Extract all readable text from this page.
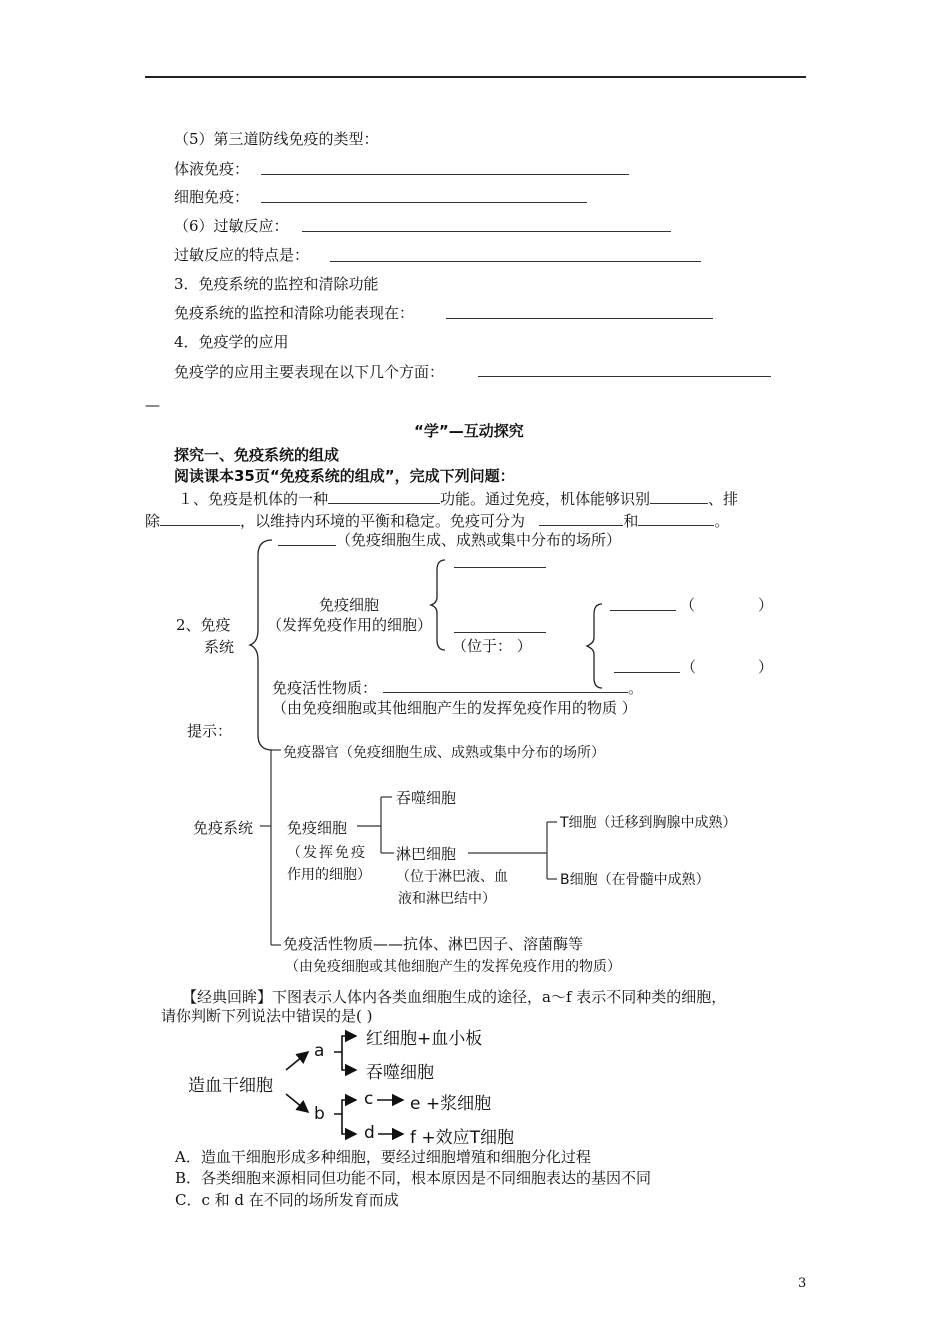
（5）第三道防线免疫的类型：
体液免疫：
细胞免疫：
（6）过敏反应：
过敏反应的特点是：
3．免疫系统的监控和清除功能
免疫系统的监控和清除功能表现在：
4．免疫学的应用
免疫学的应用主要表现在以下几个方面：
—
“学”—互动探究
探究一、免疫系统的组成
阅读课本35页“免疫系统的组成”，完成下列问题：
１、免疫是机体的一种	功能。通过免疫，机体能够识别	、排
除	，以维持内环境的平衡和稳定。免疫可分为	和	。
（免疫细胞生成、成熟或集中分布的场所）
2、免疫
系统
免疫细胞
（发挥免疫作用的细胞）
（位于： ）
（	）
（	）
免疫活性物质：	。
（由免疫细胞或其他细胞产生的发挥免疫作用的物质 ）
提示：
免疫器官（免疫细胞生成、成熟或集中分布的场所）
免疫系统 免疫细胞
（发挥免疫
作用的细胞）
吞噬细胞
淋巴细胞
（位于淋巴液、血
液和淋巴结中）
T细胞（迁移到胸腺中成熟）
B细胞（在骨髓中成熟）
免疫活性物质——抗体、淋巴因子、溶菌酶等
（由免疫细胞或其他细胞产生的发挥免疫作用的物质）
【经典回眸】下图表示人体内各类血细胞生成的途径，a～f 表示不同种类的细胞，
请你判断下列说法中错误的是( )
造血干细胞
a
b
红细胞+血小板
吞噬细胞
c
d
e +浆细胞
f +效应T细胞
A．造血干细胞形成多种细胞，要经过细胞增殖和细胞分化过程
B．各类细胞来源相同但功能不同，根本原因是不同细胞表达的基因不同
C．c 和 d 在不同的场所发育而成
3
